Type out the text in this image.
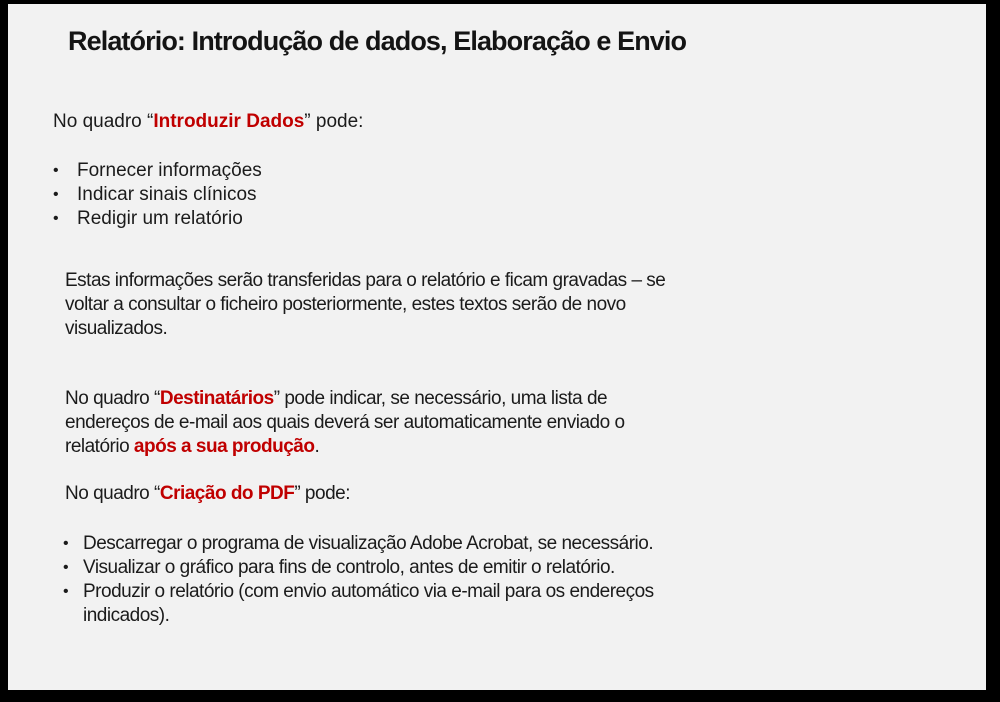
Relatório: Introdução de dados, Elaboração e Envio

No quadro “Introduzir Dados” pode:

• Fornecer informações
• Indicar sinais clínicos
• Redigir um relatório

Estas informações serão transferidas para o relatório e ficam gravadas – se voltar a consultar o ficheiro posteriormente, estes textos serão de novo visualizados.

No quadro “Destinatários” pode indicar, se necessário, uma lista de endereços de e-mail aos quais deverá ser automaticamente enviado o relatório após a sua produção.

No quadro “Criação do PDF” pode:

• Descarregar o programa de visualização Adobe Acrobat, se necessário.
• Visualizar o gráfico para fins de controlo, antes de emitir o relatório.
• Produzir o relatório (com envio automático via e-mail para os endereços indicados).
